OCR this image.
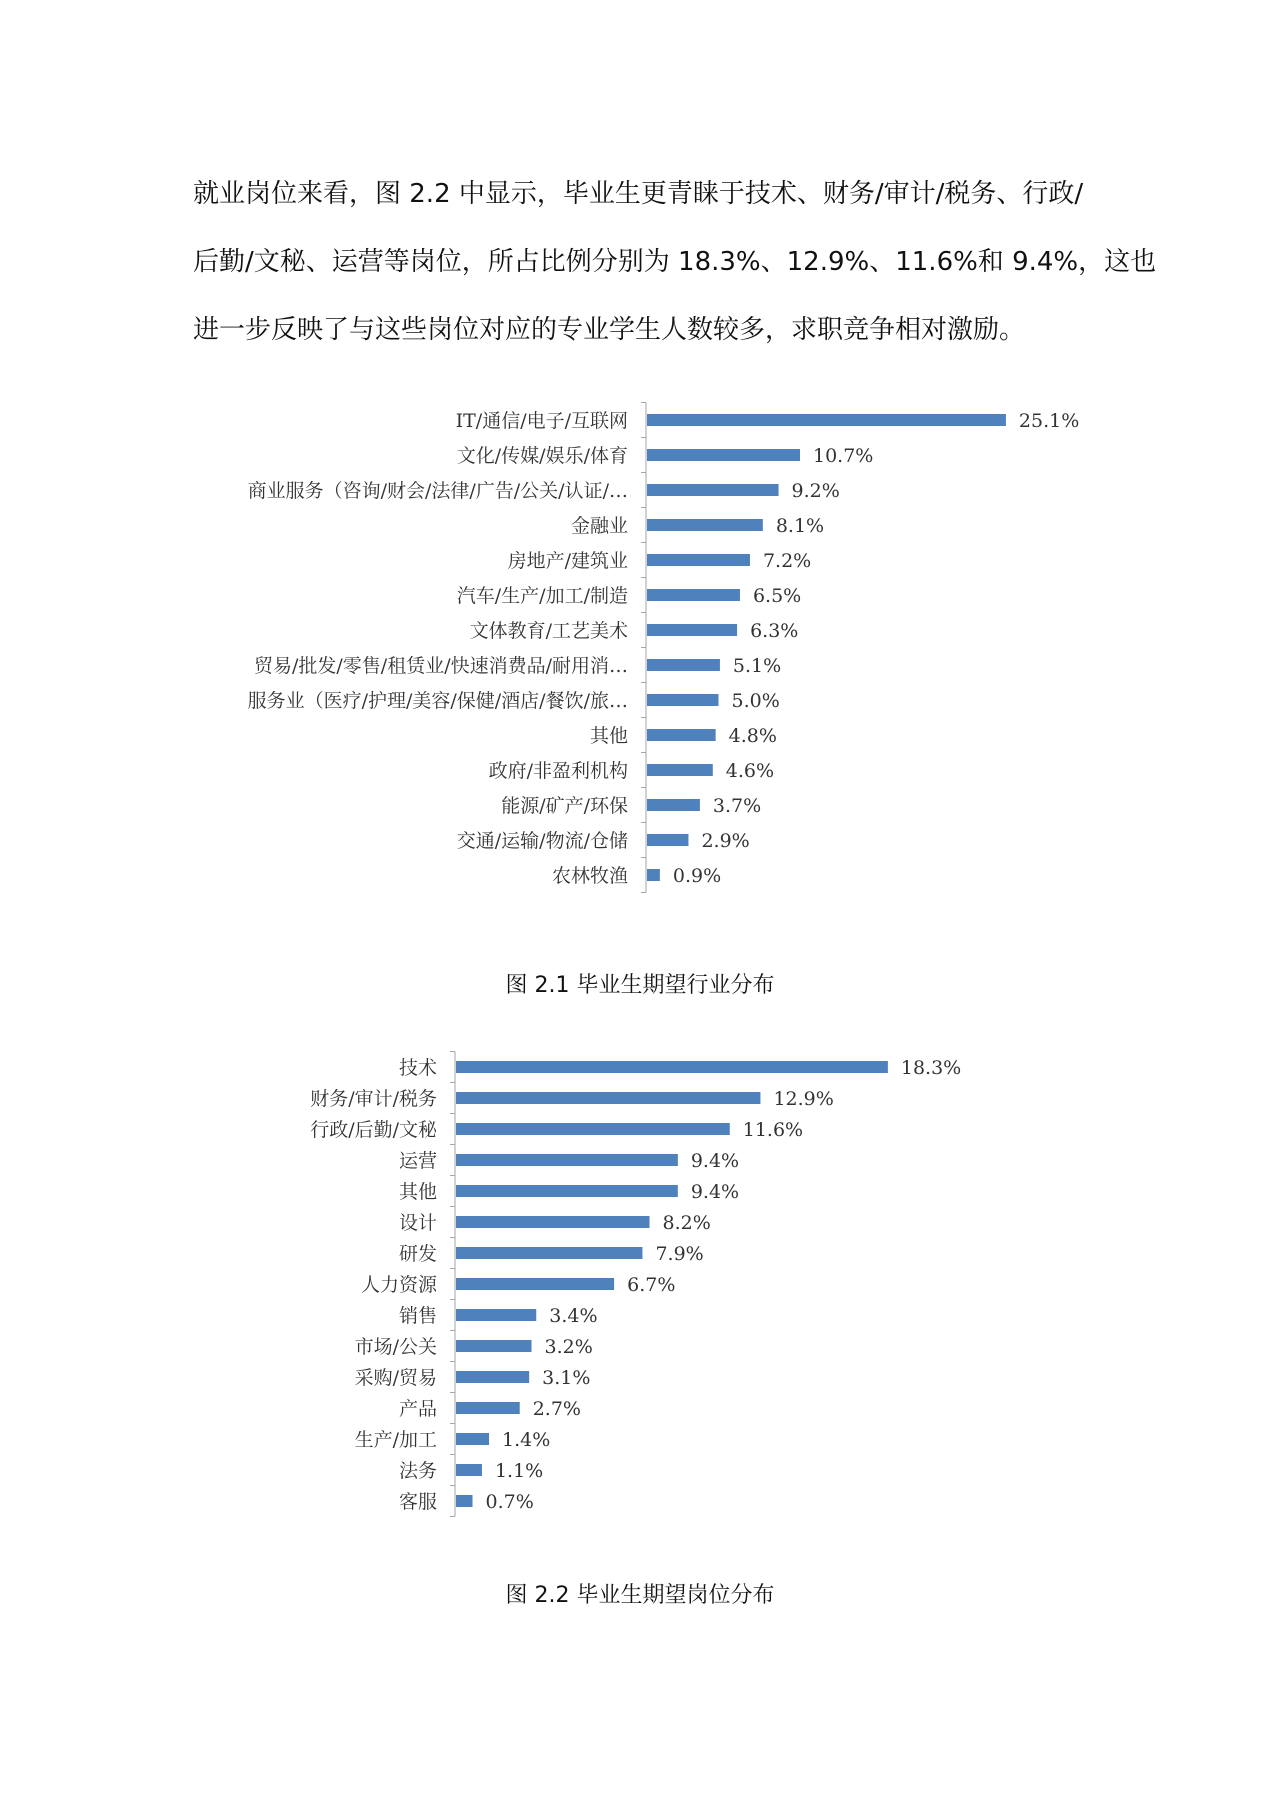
就业岗位来看，图 2.2 中显示，毕业生更青睐于技术、财务/审计/税务、行政/
后勤/文秘、运营等岗位，所占比例分别为 18.3%、12.9%、11.6%和 9.4%，这也
进一步反映了与这些岗位对应的专业学生人数较多，求职竞争相对激励。
IT/通信/电子/互联网	25.1%
文化/传媒/娱乐/体育	10.7%
商业服务（咨询/财会/法律/广告/公关/认证/…	9.2%
金融业	8.1%
房地产/建筑业	7.2%
汽车/生产/加工/制造	6.5%
文体教育/工艺美术	6.3%
贸易/批发/零售/租赁业/快速消费品/耐用消…	5.1%
服务业（医疗/护理/美容/保健/酒店/餐饮/旅…	5.0%
其他	4.8%
政府/非盈利机构	4.6%
能源/矿产/环保	3.7%
交通/运输/物流/仓储	2.9%
农林牧渔 0.9%

图 2.1 毕业生期望行业分布

技术	18.3%
财务/审计/税务	12.9%
行政/后勤/文秘	11.6%
运营	9.4%
其他	9.4%
设计	8.2%
研发	7.9%
人力资源	6.7%
销售	3.4%
市场/公关	3.2%
采购/贸易	3.1%
产品	2.7%
生产/加工	1.4%
法务	1.1%
客服	0.7%

图 2.2 毕业生期望岗位分布
